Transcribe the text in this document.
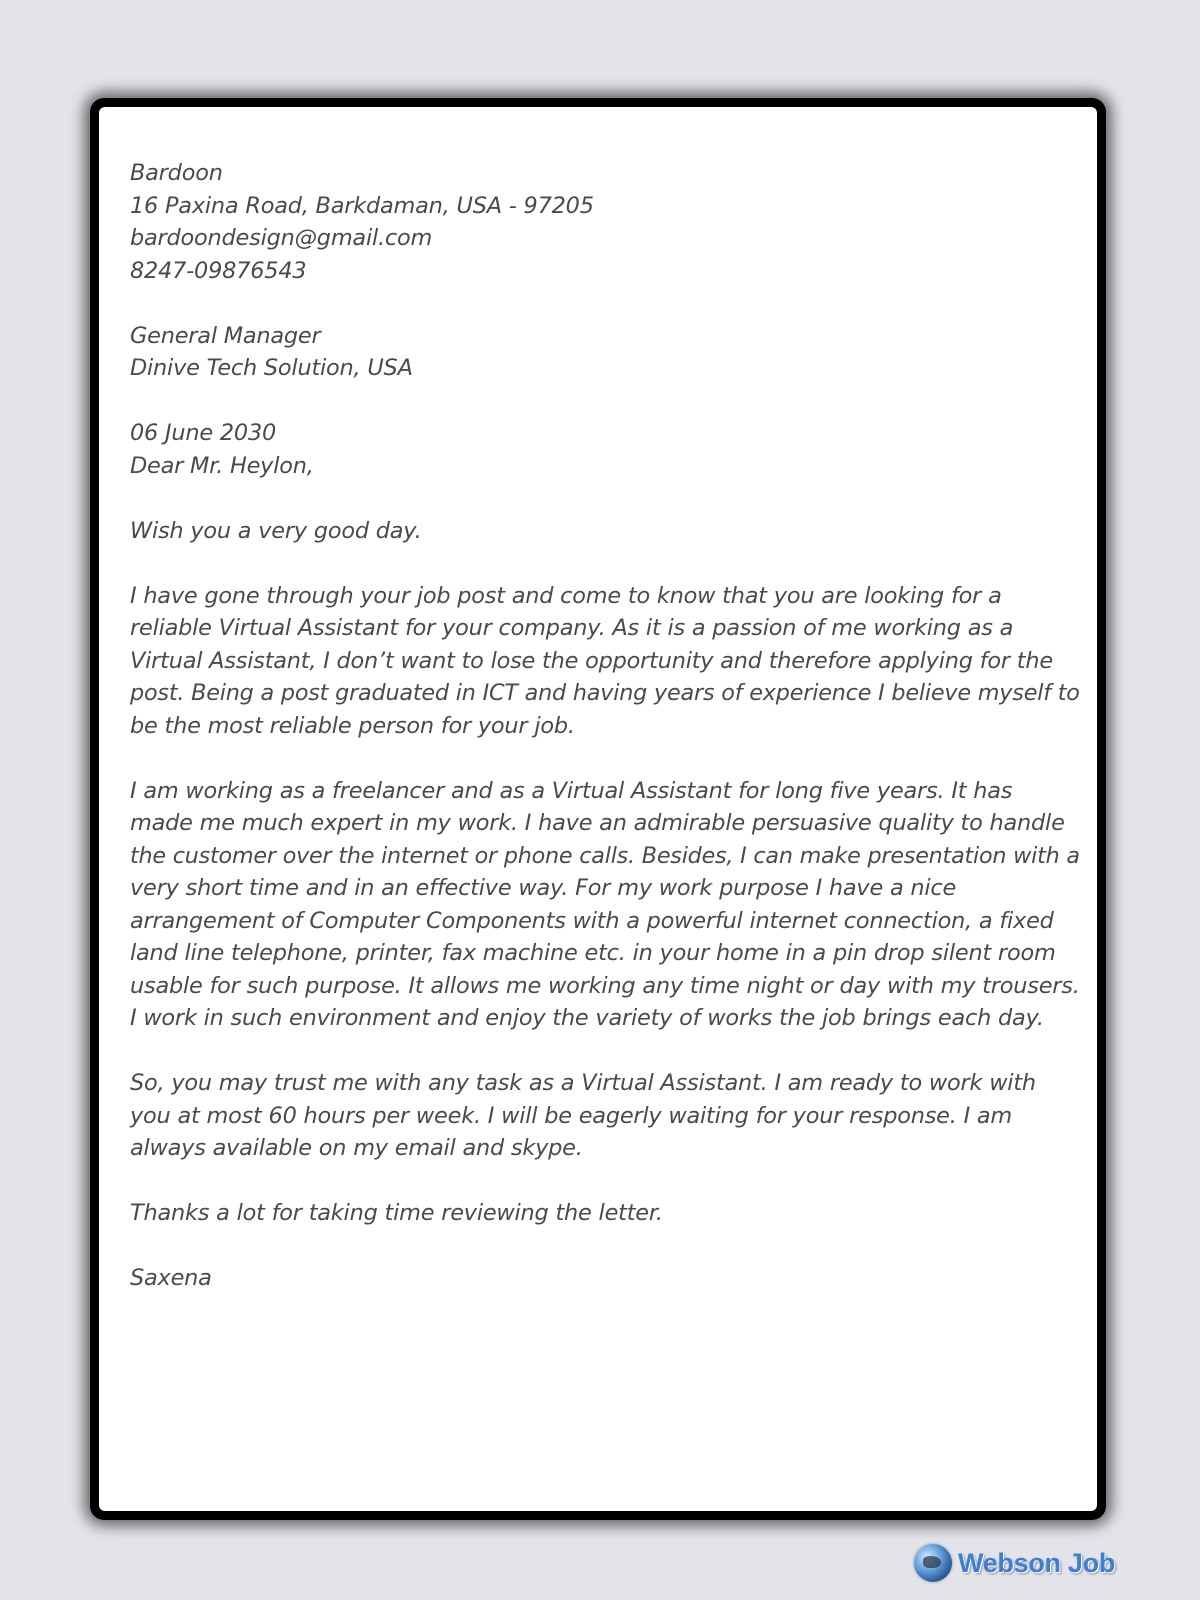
Bardoon
16 Paxina Road, Barkdaman, USA - 97205
bardoondesign@gmail.com
8247-09876543
General Manager
Dinive Tech Solution, USA
06 June 2030
Dear Mr. Heylon,
Wish you a very good day.
I have gone through your job post and come to know that you are looking for a
reliable Virtual Assistant for your company. As it is a passion of me working as a
Virtual Assistant, I don’t want to lose the opportunity and therefore applying for the
post. Being a post graduated in ICT and having years of experience I believe myself to
be the most reliable person for your job.
I am working as a freelancer and as a Virtual Assistant for long five years. It has
made me much expert in my work. I have an admirable persuasive quality to handle
the customer over the internet or phone calls. Besides, I can make presentation with a
very short time and in an effective way. For my work purpose I have a nice
arrangement of Computer Components with a powerful internet connection, a fixed
land line telephone, printer, fax machine etc. in your home in a pin drop silent room
usable for such purpose. It allows me working any time night or day with my trousers.
I work in such environment and enjoy the variety of works the job brings each day.
So, you may trust me with any task as a Virtual Assistant. I am ready to work with
you at most 60 hours per week. I will be eagerly waiting for your response. I am
always available on my email and skype.
Thanks a lot for taking time reviewing the letter.
Saxena
Webson Job
